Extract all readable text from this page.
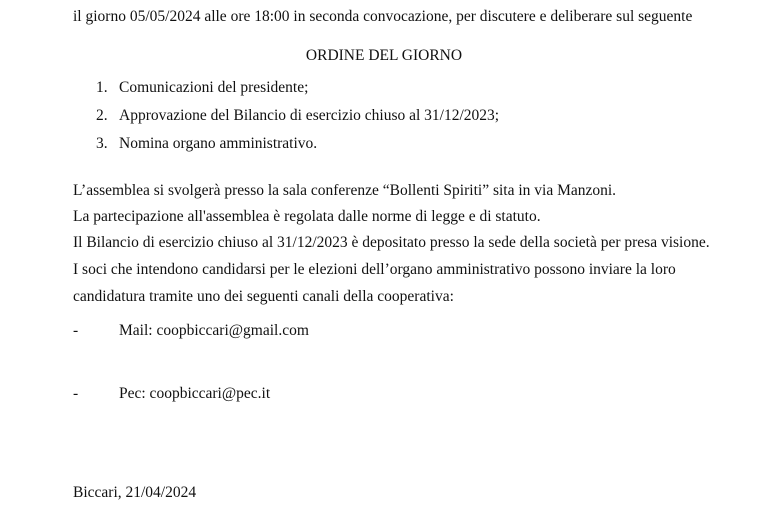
il giorno 05/05/2024 alle ore 18:00 in seconda convocazione, per discutere e deliberare sul seguente
ORDINE DEL GIORNO
1. Comunicazioni del presidente;
2. Approvazione del Bilancio di esercizio chiuso al 31/12/2023;
3. Nomina organo amministrativo.
L’assemblea si svolgerà presso la sala conferenze “Bollenti Spiriti” sita in via Manzoni.
La partecipazione all'assemblea è regolata dalle norme di legge e di statuto.
Il Bilancio di esercizio chiuso al 31/12/2023 è depositato presso la sede della società per presa visione.
I soci che intendono candidarsi per le elezioni dell’organo amministrativo possono inviare la loro
candidatura tramite uno dei seguenti canali della cooperativa:
-	Mail: coopbiccari@gmail.com
-	Pec: coopbiccari@pec.it
Biccari, 21/04/2024
